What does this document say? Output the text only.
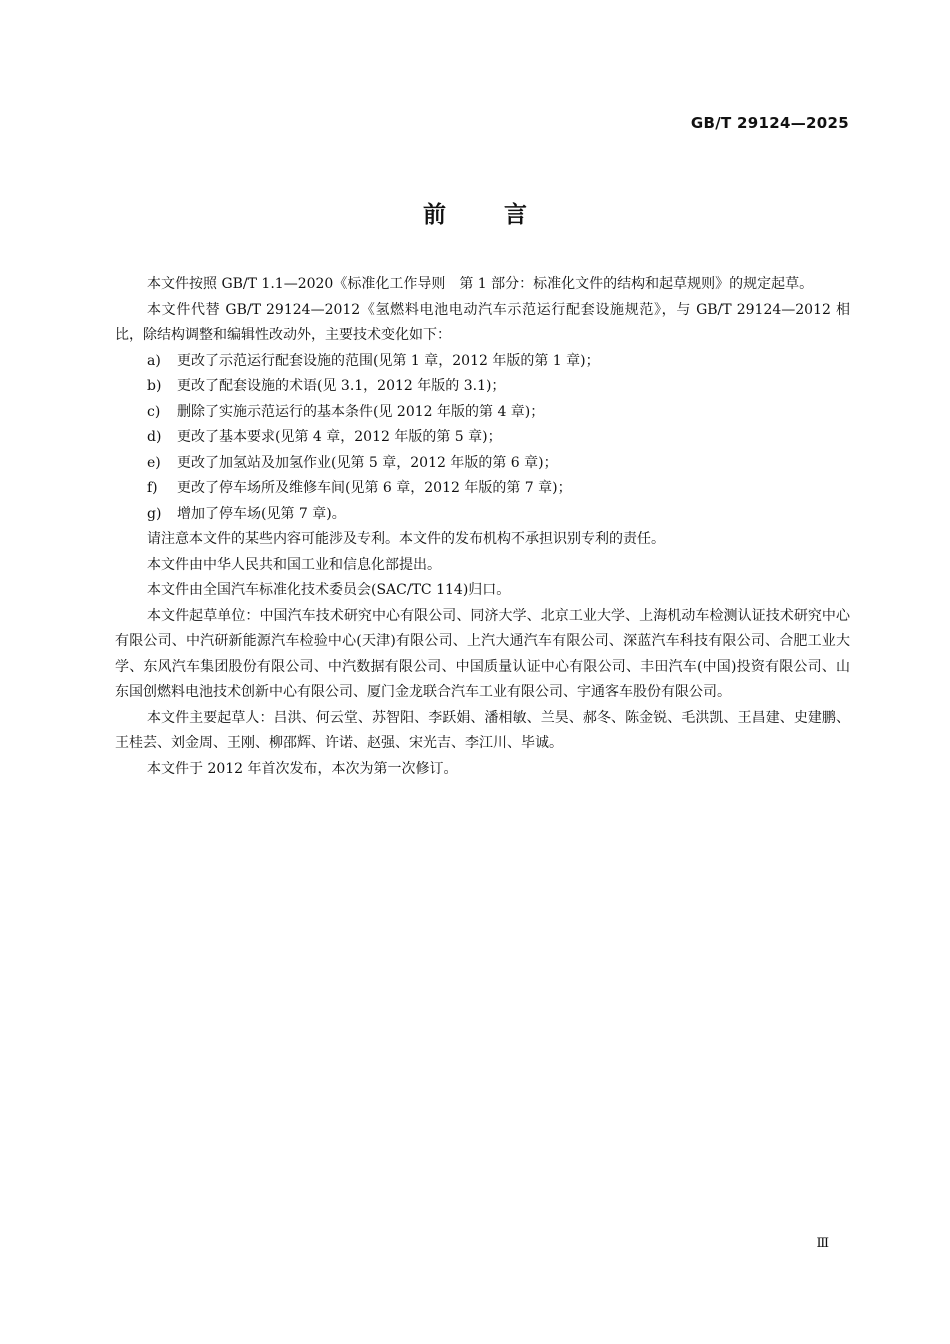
GB/T 29124—2025
前言

本文件按照 GB/T 1.1—2020《标准化工作导则　第 1 部分：标准化文件的结构和起草规则》的规定起草。

本文件代替 GB/T 29124—2012《氢燃料电池电动汽车示范运行配套设施规范》，与 GB/T 29124—2012 相比，除结构调整和编辑性改动外，主要技术变化如下：

a) 更改了示范运行配套设施的范围(见第 1 章，2012 年版的第 1 章)；

b) 更改了配套设施的术语(见 3.1，2012 年版的 3.1)；

c) 删除了实施示范运行的基本条件(见 2012 年版的第 4 章)；

d) 更改了基本要求(见第 4 章，2012 年版的第 5 章)；

e) 更改了加氢站及加氢作业(见第 5 章，2012 年版的第 6 章)；

f) 更改了停车场所及维修车间(见第 6 章，2012 年版的第 7 章)；

g) 增加了停车场(见第 7 章)。

请注意本文件的某些内容可能涉及专利。本文件的发布机构不承担识别专利的责任。

本文件由中华人民共和国工业和信息化部提出。

本文件由全国汽车标准化技术委员会(SAC/TC 114)归口。

本文件起草单位：中国汽车技术研究中心有限公司、同济大学、北京工业大学、上海机动车检测认证技术研究中心有限公司、中汽研新能源汽车检验中心(天津)有限公司、上汽大通汽车有限公司、深蓝汽车科技有限公司、合肥工业大学、东风汽车集团股份有限公司、中汽数据有限公司、中国质量认证中心有限公司、丰田汽车(中国)投资有限公司、山东国创燃料电池技术创新中心有限公司、厦门金龙联合汽车工业有限公司、宇通客车股份有限公司。

本文件主要起草人：吕洪、何云堂、苏智阳、李跃娟、潘相敏、兰昊、郝冬、陈金锐、毛洪凯、王昌建、史建鹏、王桂芸、刘金周、王刚、柳邵辉、许诺、赵强、宋光吉、李江川、毕诚。

本文件于 2012 年首次发布，本次为第一次修订。

Ⅲ
